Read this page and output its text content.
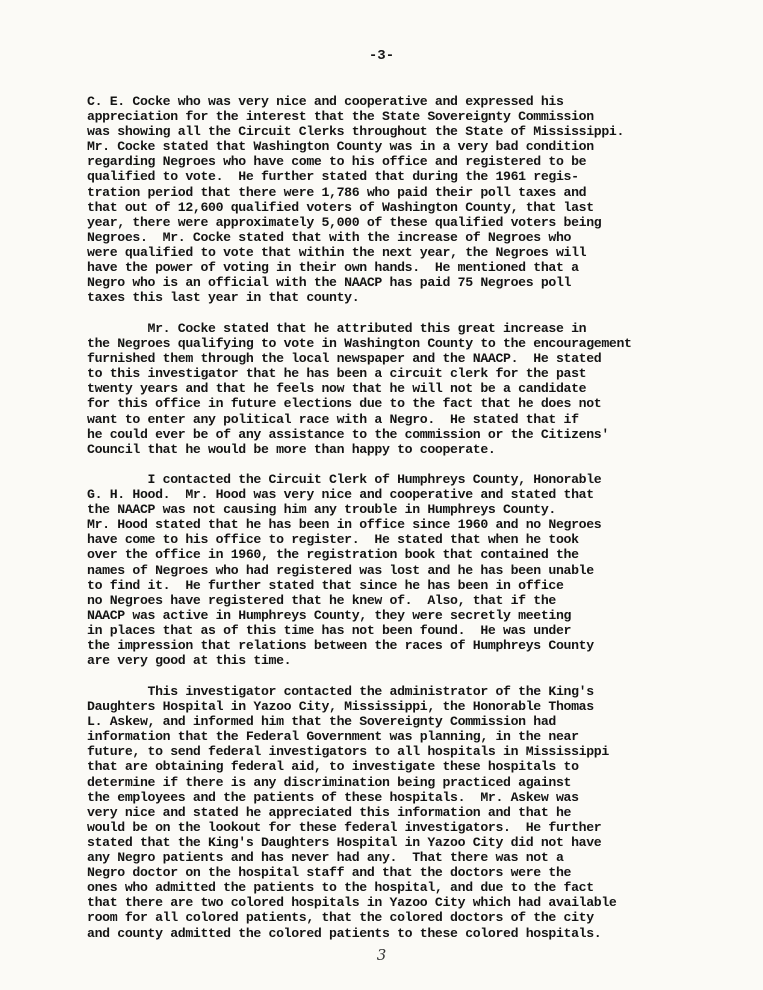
-3-
C. E. Cocke who was very nice and cooperative and expressed his
appreciation for the interest that the State Sovereignty Commission
was showing all the Circuit Clerks throughout the State of Mississippi.
Mr. Cocke stated that Washington County was in a very bad condition
regarding Negroes who have come to his office and registered to be
qualified to vote.  He further stated that during the 1961 regis-
tration period that there were 1,786 who paid their poll taxes and
that out of 12,600 qualified voters of Washington County, that last
year, there were approximately 5,000 of these qualified voters being
Negroes.  Mr. Cocke stated that with the increase of Negroes who
were qualified to vote that within the next year, the Negroes will
have the power of voting in their own hands.  He mentioned that a
Negro who is an official with the NAACP has paid 75 Negroes poll
taxes this last year in that county.
Mr. Cocke stated that he attributed this great increase in
the Negroes qualifying to vote in Washington County to the encouragement
furnished them through the local newspaper and the NAACP.  He stated
to this investigator that he has been a circuit clerk for the past
twenty years and that he feels now that he will not be a candidate
for this office in future elections due to the fact that he does not
want to enter any political race with a Negro.  He stated that if
he could ever be of any assistance to the commission or the Citizens'
Council that he would be more than happy to cooperate.
I contacted the Circuit Clerk of Humphreys County, Honorable
G. H. Hood.  Mr. Hood was very nice and cooperative and stated that
the NAACP was not causing him any trouble in Humphreys County.
Mr. Hood stated that he has been in office since 1960 and no Negroes
have come to his office to register.  He stated that when he took
over the office in 1960, the registration book that contained the
names of Negroes who had registered was lost and he has been unable
to find it.  He further stated that since he has been in office
no Negroes have registered that he knew of.  Also, that if the
NAACP was active in Humphreys County, they were secretly meeting
in places that as of this time has not been found.  He was under
the impression that relations between the races of Humphreys County
are very good at this time.
This investigator contacted the administrator of the King's
Daughters Hospital in Yazoo City, Mississippi, the Honorable Thomas
L. Askew, and informed him that the Sovereignty Commission had
information that the Federal Government was planning, in the near
future, to send federal investigators to all hospitals in Mississippi
that are obtaining federal aid, to investigate these hospitals to
determine if there is any discrimination being practiced against
the employees and the patients of these hospitals.  Mr. Askew was
very nice and stated he appreciated this information and that he
would be on the lookout for these federal investigators.  He further
stated that the King's Daughters Hospital in Yazoo City did not have
any Negro patients and has never had any.  That there was not a
Negro doctor on the hospital staff and that the doctors were the
ones who admitted the patients to the hospital, and due to the fact
that there are two colored hospitals in Yazoo City which had available
room for all colored patients, that the colored doctors of the city
and county admitted the colored patients to these colored hospitals.
3
